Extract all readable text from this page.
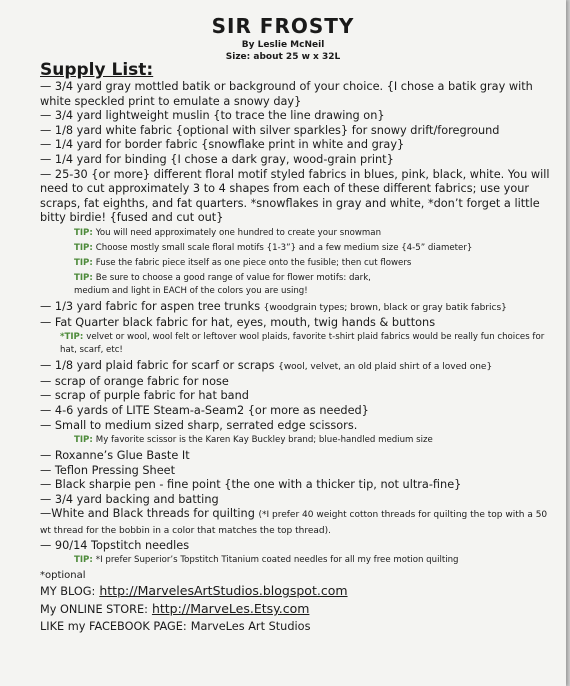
SIR FROSTY
By Leslie McNeil
Size: about 25 w x 32L
Supply List:

— 3/4 yard gray mottled batik or background of your choice. {I chose a batik gray with white speckled print to emulate a snowy day}

— 3/4 yard lightweight muslin {to trace the line drawing on}

— 1/8 yard white fabric {optional with silver sparkles} for snowy drift/foreground

— 1/4 yard for border fabric {snowflake print in white and gray}

— 1/4 yard for binding {I chose a dark gray, wood-grain print}

— 25-30 {or more} different floral motif styled fabrics in blues, pink, black, white. You will need to cut approximately 3 to 4 shapes from each of these different fabrics; use your scraps, fat eighths, and fat quarters. *snowflakes in gray and white, *don’t forget a little bitty birdie! {fused and cut out}

TIP: You will need approximately one hundred to create your snowman
TIP: Choose mostly small scale floral motifs {1-3”} and a few medium size {4-5” diameter}
TIP: Fuse the fabric piece itself as one piece onto the fusible; then cut flowers
TIP: Be sure to choose a good range of value for flower motifs: dark, medium and light in EACH of the colors you are using!

— 1/3 yard fabric for aspen tree trunks {woodgrain types; brown, black or gray batik fabrics}

— Fat Quarter black fabric for hat, eyes, mouth, twig hands & buttons

*TIP: velvet or wool, wool felt or leftover wool plaids, favorite t-shirt plaid fabrics would be really fun choices for hat, scarf, etc!

— 1/8 yard plaid fabric for scarf or scraps {wool, velvet, an old plaid shirt of a loved one}

— scrap of orange fabric for nose

— scrap of purple fabric for hat band

— 4-6 yards of LITE Steam-a-Seam2 {or more as needed}

— Small to medium sized sharp, serrated edge scissors.

TIP: My favorite scissor is the Karen Kay Buckley brand; blue-handled medium size

— Roxanne’s Glue Baste It

— Teflon Pressing Sheet

— Black sharpie pen - fine point {the one with a thicker tip, not ultra-fine}

— 3/4 yard backing and batting

—White and Black threads for quilting (*I prefer 40 weight cotton threads for quilting the top with a 50 wt thread for the bobbin in a color that matches the top thread).

— 90/14 Topstitch needles

TIP: *I prefer Superior’s Topstitch Titanium coated needles for all my free motion quilting
*optional
MY BLOG: http://MarvelesArtStudios.blogspot.com
My ONLINE STORE: http://MarveLes.Etsy.com
LIKE my FACEBOOK PAGE: MarveLes Art Studios
